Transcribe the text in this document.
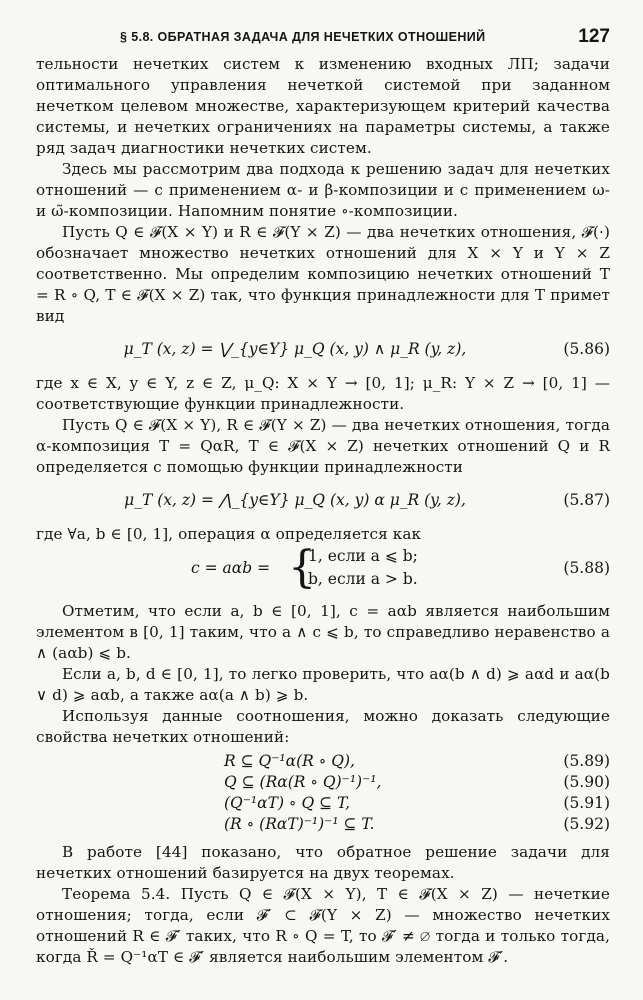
§ 5.8. ОБРАТНАЯ ЗАДАЧА ДЛЯ НЕЧЕТКИХ ОТНОШЕНИЙ	127

тельности нечетких систем к изменению входных ЛП; задачи оптимального управления нечеткой системой при заданном нечетком целевом множестве, характеризующем критерий качества системы, и нечетких ограничениях на параметры системы, а также ряд задач диагностики нечетких систем.

Здесь мы рассмотрим два подхода к решению задач для нечетких отношений — с применением α- и β-композиции и с применением ω- и ω̃-композиции. Напомним понятие ∘-композиции.

Пусть Q ∈ 𝓕(X × Y) и R ∈ 𝓕(Y × Z) — два нечетких отношения, 𝓕(·) обозначает множество нечетких отношений для X × Y и Y × Z соответственно. Мы определим композицию нечетких отношений T = R ∘ Q, T ∈ 𝓕(X × Z) так, что функция принадлежности для T примет вид

μ_T (x, z) = ⋁_{y∈Y} μ_Q (x, y) ∧ μ_R (y, z),	(5.86)

где x ∈ X, y ∈ Y, z ∈ Z, μ_Q: X × Y → [0, 1]; μ_R: Y × Z → [0, 1] — соответствующие функции принадлежности.

Пусть Q ∈ 𝓕(X × Y), R ∈ 𝓕(Y × Z) — два нечетких отношения, тогда α-композиция T = QαR, T ∈ 𝓕(X × Z) нечетких отношений Q и R определяется с помощью функции принадлежности

μ_T (x, z) = ⋀_{y∈Y} μ_Q (x, y) α μ_R (y, z),	(5.87)

где ∀a, b ∈ [0, 1], операция α определяется как

c = aαb = {
1, если a ⩽ b;
b, если a > b.
(5.88)

Отметим, что если a, b ∈ [0, 1], c = aαb является наибольшим элементом в [0, 1] таким, что a ∧ c ⩽ b, то справедливо неравенство a ∧ (aαb) ⩽ b.

Если a, b, d ∈ [0, 1], то легко проверить, что aα(b ∧ d) ⩾ aαd и aα(b ∨ d) ⩾ aαb, а также aα(a ∧ b) ⩾ b.

Используя данные соотношения, можно доказать следующие свойства нечетких отношений:

R ⊆ Q⁻¹α(R ∘ Q),	(5.89)
Q ⊆ (Rα(R ∘ Q)⁻¹)⁻¹,	(5.90)
(Q⁻¹αT) ∘ Q ⊆ T,	(5.91)
(R ∘ (RαT)⁻¹)⁻¹ ⊆ T.	(5.92)

В работе [44] показано, что обратное решение задачи для нечетких отношений базируется на двух теоремах.

Теорема 5.4. Пусть Q ∈ 𝓕(X × Y), T ∈ 𝓕(X × Z) — нечеткие отношения; тогда, если 𝓕′ ⊂ 𝓕(Y × Z) — множество нечетких отношений R ∈ 𝓕′ таких, что R ∘ Q = T, то 𝓕′ ≠ ∅ тогда и только тогда, когда Ř = Q⁻¹αT ∈ 𝓕′ является наибольшим элементом 𝓕′.
